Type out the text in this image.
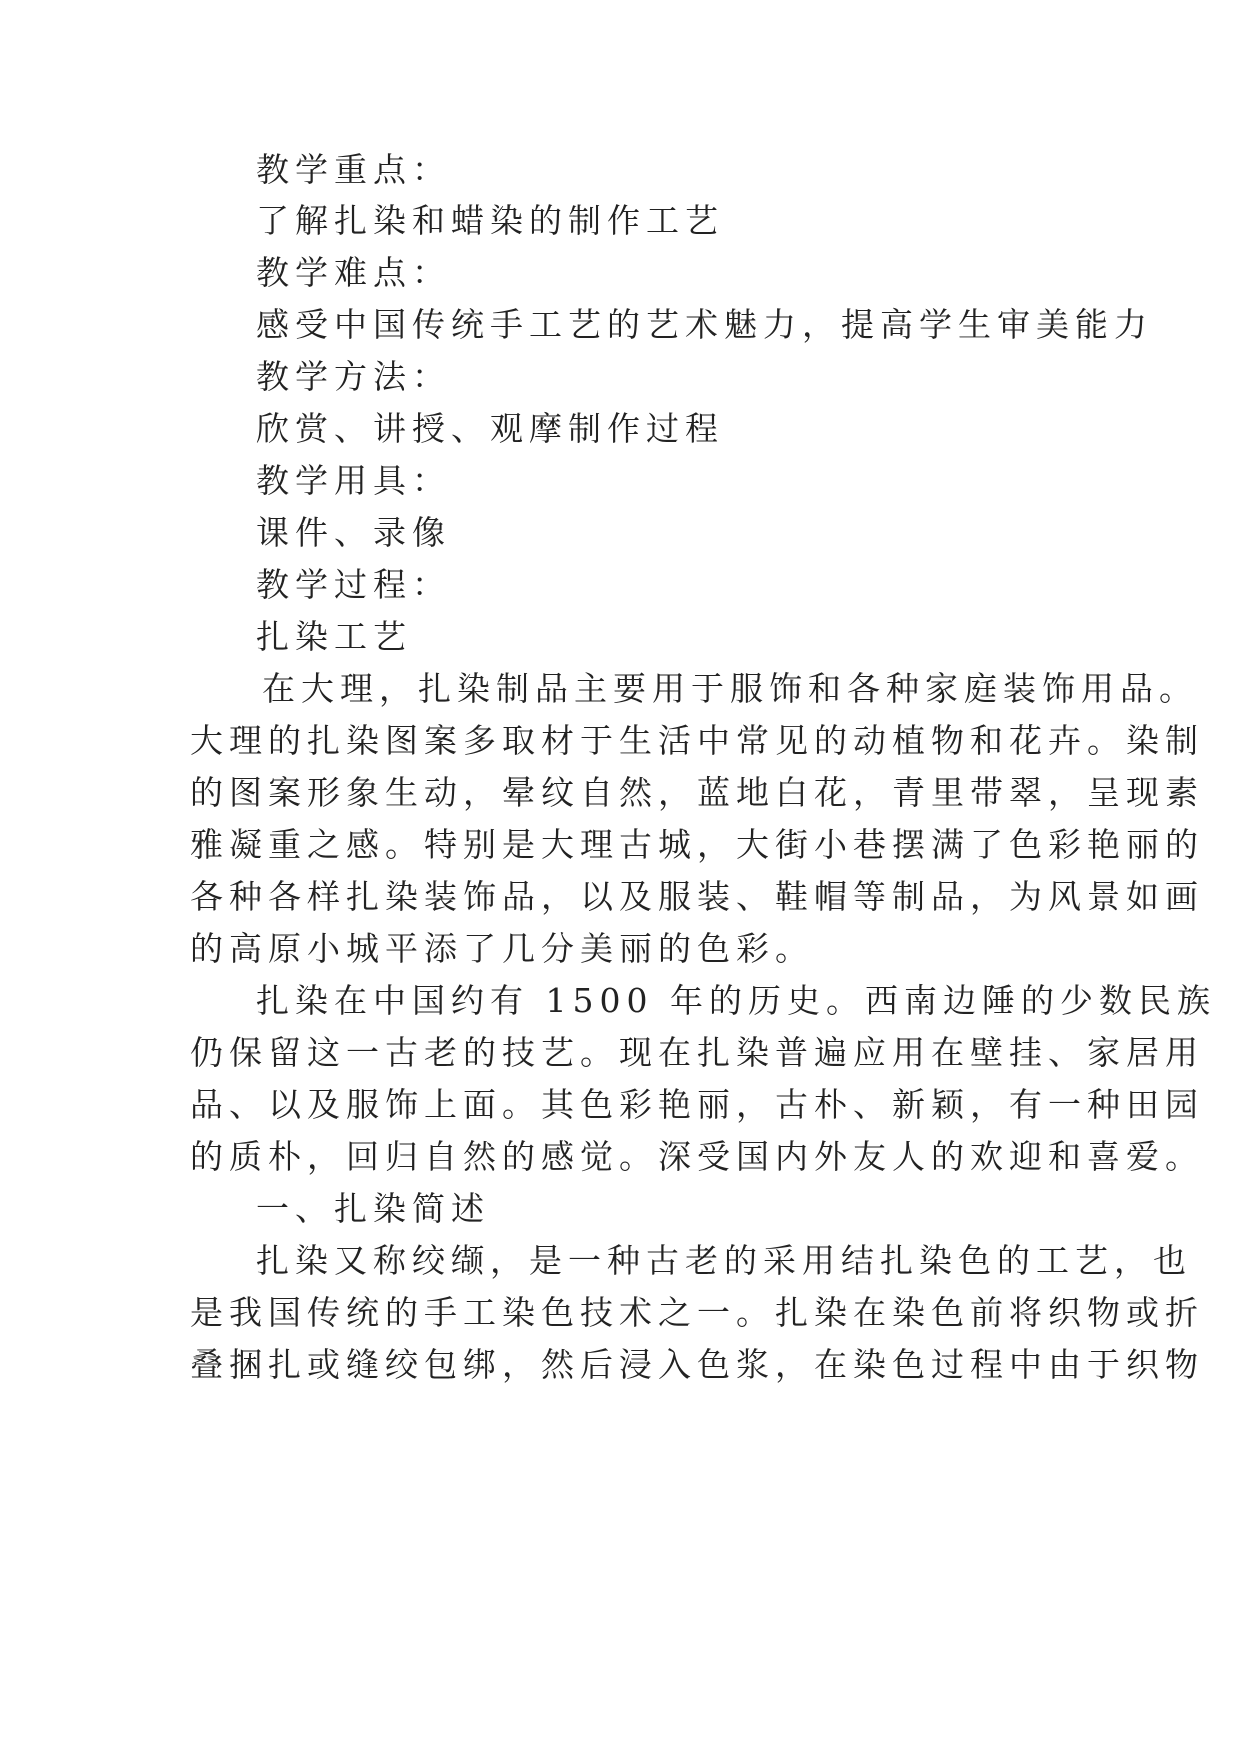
教学重点：
了解扎染和蜡染的制作工艺
教学难点：
感受中国传统手工艺的艺术魅力，提高学生审美能力
教学方法：
欣赏、讲授、观摩制作过程
教学用具：
课件、录像
教学过程：
扎染工艺
在大理，扎染制品主要用于服饰和各种家庭装饰用品。
大理的扎染图案多取材于生活中常见的动植物和花卉。染制
的图案形象生动，晕纹自然，蓝地白花，青里带翠，呈现素
雅凝重之感。特别是大理古城，大街小巷摆满了色彩艳丽的
各种各样扎染装饰品，以及服装、鞋帽等制品，为风景如画
的高原小城平添了几分美丽的色彩。
扎染在中国约有 1500 年的历史。西南边陲的少数民族
仍保留这一古老的技艺。现在扎染普遍应用在壁挂、家居用
品、以及服饰上面。其色彩艳丽，古朴、新颖，有一种田园
的质朴，回归自然的感觉。深受国内外友人的欢迎和喜爱。
一、扎染简述
扎染又称绞缬，是一种古老的采用结扎染色的工艺，也
是我国传统的手工染色技术之一。扎染在染色前将织物或折
叠捆扎或缝绞包绑，然后浸入色浆，在染色过程中由于织物
